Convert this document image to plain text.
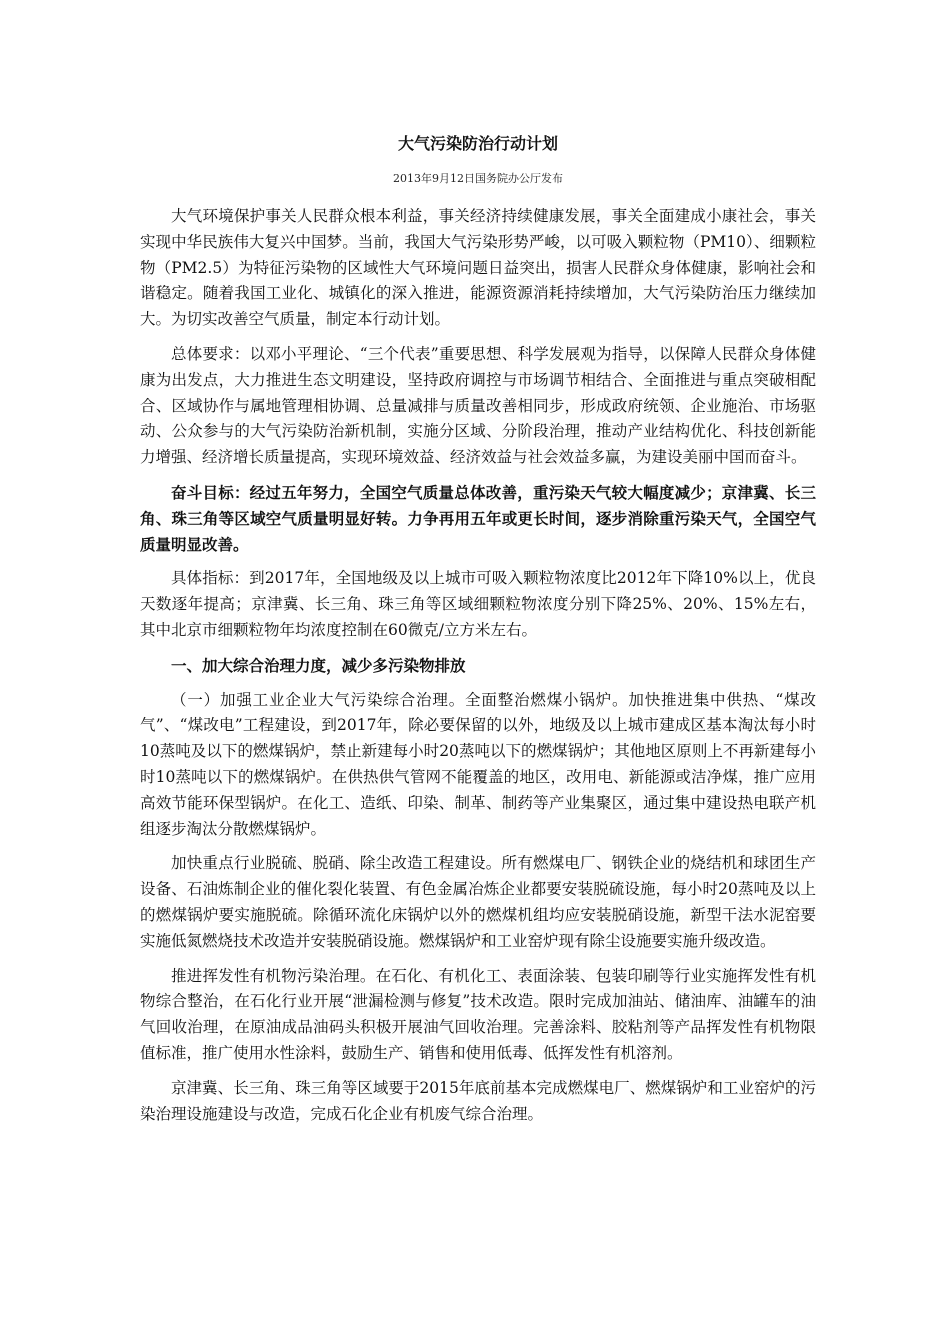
大气污染防治行动计划
2013年9月12日国务院办公厅发布

大气环境保护事关人民群众根本利益，事关经济持续健康发展，事关全面建成小康社会，事关实现中华民族伟大复兴中国梦。当前，我国大气污染形势严峻，以可吸入颗粒物（PM10）、细颗粒物（PM2.5）为特征污染物的区域性大气环境问题日益突出，损害人民群众身体健康，影响社会和谐稳定。随着我国工业化、城镇化的深入推进，能源资源消耗持续增加，大气污染防治压力继续加大。为切实改善空气质量，制定本行动计划。

总体要求：以邓小平理论、“三个代表”重要思想、科学发展观为指导，以保障人民群众身体健康为出发点，大力推进生态文明建设，坚持政府调控与市场调节相结合、全面推进与重点突破相配合、区域协作与属地管理相协调、总量减排与质量改善相同步，形成政府统领、企业施治、市场驱动、公众参与的大气污染防治新机制，实施分区域、分阶段治理，推动产业结构优化、科技创新能力增强、经济增长质量提高，实现环境效益、经济效益与社会效益多赢，为建设美丽中国而奋斗。

奋斗目标：经过五年努力，全国空气质量总体改善，重污染天气较大幅度减少；京津冀、长三角、珠三角等区域空气质量明显好转。力争再用五年或更长时间，逐步消除重污染天气，全国空气质量明显改善。

具体指标：到2017年，全国地级及以上城市可吸入颗粒物浓度比2012年下降10%以上，优良天数逐年提高；京津冀、长三角、珠三角等区域细颗粒物浓度分别下降25%、20%、15%左右，其中北京市细颗粒物年均浓度控制在60微克/立方米左右。

一、加大综合治理力度，减少多污染物排放

（一）加强工业企业大气污染综合治理。全面整治燃煤小锅炉。加快推进集中供热、“煤改气”、“煤改电”工程建设，到2017年，除必要保留的以外，地级及以上城市建成区基本淘汰每小时10蒸吨及以下的燃煤锅炉，禁止新建每小时20蒸吨以下的燃煤锅炉；其他地区原则上不再新建每小时10蒸吨以下的燃煤锅炉。在供热供气管网不能覆盖的地区，改用电、新能源或洁净煤，推广应用高效节能环保型锅炉。在化工、造纸、印染、制革、制药等产业集聚区，通过集中建设热电联产机组逐步淘汰分散燃煤锅炉。

加快重点行业脱硫、脱硝、除尘改造工程建设。所有燃煤电厂、钢铁企业的烧结机和球团生产设备、石油炼制企业的催化裂化装置、有色金属冶炼企业都要安装脱硫设施，每小时20蒸吨及以上的燃煤锅炉要实施脱硫。除循环流化床锅炉以外的燃煤机组均应安装脱硝设施，新型干法水泥窑要实施低氮燃烧技术改造并安装脱硝设施。燃煤锅炉和工业窑炉现有除尘设施要实施升级改造。

推进挥发性有机物污染治理。在石化、有机化工、表面涂装、包装印刷等行业实施挥发性有机物综合整治，在石化行业开展“泄漏检测与修复”技术改造。限时完成加油站、储油库、油罐车的油气回收治理，在原油成品油码头积极开展油气回收治理。完善涂料、胶粘剂等产品挥发性有机物限值标准，推广使用水性涂料，鼓励生产、销售和使用低毒、低挥发性有机溶剂。

京津冀、长三角、珠三角等区域要于2015年底前基本完成燃煤电厂、燃煤锅炉和工业窑炉的污染治理设施建设与改造，完成石化企业有机废气综合治理。
